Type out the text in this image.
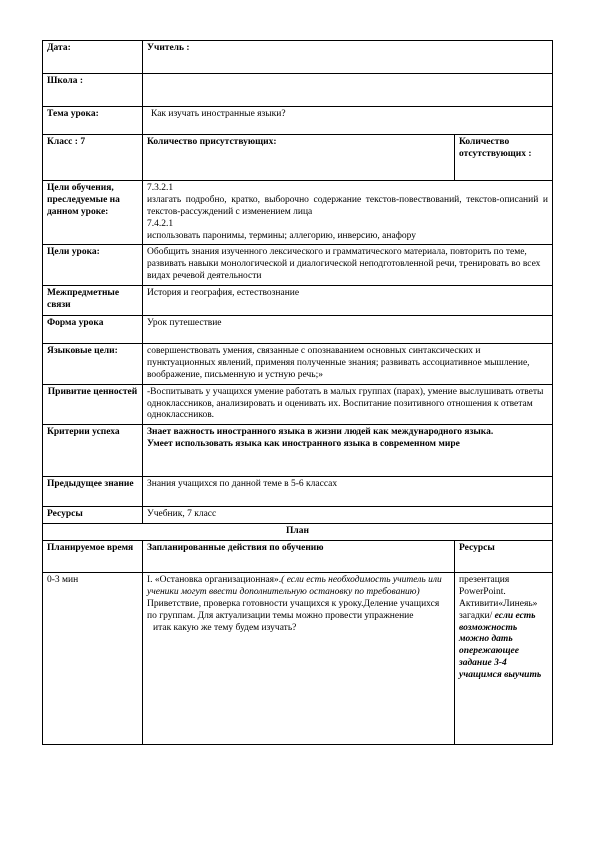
Дата:	Учитель :	
Школа :		
Тема урока:	Как изучать иностранные языки?	
Класс : 7	Количество присутствующих:	Количество отсутствующих :
Цели обучения, преследуемые на данном уроке:	7.3.2.1
излагать подробно, кратко, выборочно содержание текстов-повествований, текстов-описаний и текстов-рассуждений с изменением лица
7.4.2.1
использовать паронимы, термины; аллегорию, инверсию, анафору	

Цели урока:	Обобщить знания изученного лексического и грамматического материала, повторить по теме, развивать навыки монологической и диалогической неподготовленной речи, тренировать во всех видах речевой деятельности	
Межпредметные связи	История и география, естествознание	
Форма урока	Урок путешествие	
Языковые цели:	совершенствовать умения, связанные с опознаванием основных синтаксических и пунктуационных явлений, применяя полученные знания; развивать ассоциативное мышление, воображение, письменную и устную речь;»	
Привитие ценностей	-Воспитывать у учащихся умение работать в малых группах (парах), умение выслушивать ответы одноклассников, анализировать и оценивать их. Воспитание позитивного отношения к ответам одноклассников.	
Критерии успеха	Знает важность иностранного языка в жизни людей как международного языка.
Умеет использовать языка как иностранного языка в современном мире	

Предыдущее знание	Знания учащихся по данной теме в 5-6 классах	
Ресурсы	Учебник, 7 класс	
План		
Планируемое время	Запланированные действия по обучению	Ресурсы
0-3 мин	I. «Остановка организационная».( если есть необходимость учитель или ученики могут ввести дополнительную остановку по требованию)
Приветствие, проверка готовности учащихся к уроку.Деление учащихся по группам. Для актуализации темы можно провести упражнение
итак какую же тему будем изучать?	презентация PowerPoint. Активити«Линеяь» загадки/ если есть возможность можно дать опережающее задание 3-4 учащимся выучить
